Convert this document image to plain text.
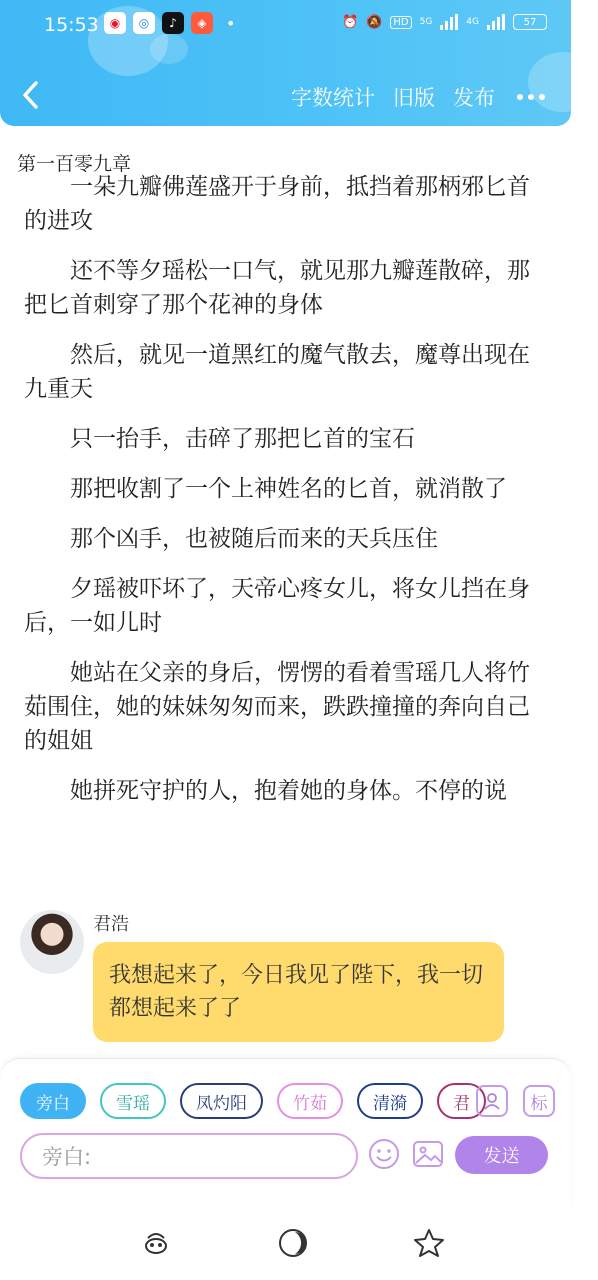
15:53 ◉	◎	♪	◈	•	⏰ 🔕	HD	5G	4G	57
字数统计 旧版 发布
第一百零九章

一朵九瓣佛莲盛开于身前，抵挡着那柄邪匕首的进攻

还不等夕瑶松一口气，就见那九瓣莲散碎，那把匕首刺穿了那个花神的身体

然后，就见一道黑红的魔气散去，魔尊出现在九重天

只一抬手，击碎了那把匕首的宝石

那把收割了一个上神姓名的匕首，就消散了

那个凶手，也被随后而来的天兵压住

夕瑶被吓坏了，天帝心疼女儿，将女儿挡在身后，一如儿时

她站在父亲的身后，愣愣的看着雪瑶几人将竹茹围住，她的妹妹匆匆而来，跌跌撞撞的奔向自己的姐姐

她拼死守护的人，抱着她的身体。不停的说

君浩
我想起来了，今日我见了陛下，我一切都想起来了了
旁白	雪瑶	凤灼阳	竹茹	清漪	君	标
旁白:	发送
